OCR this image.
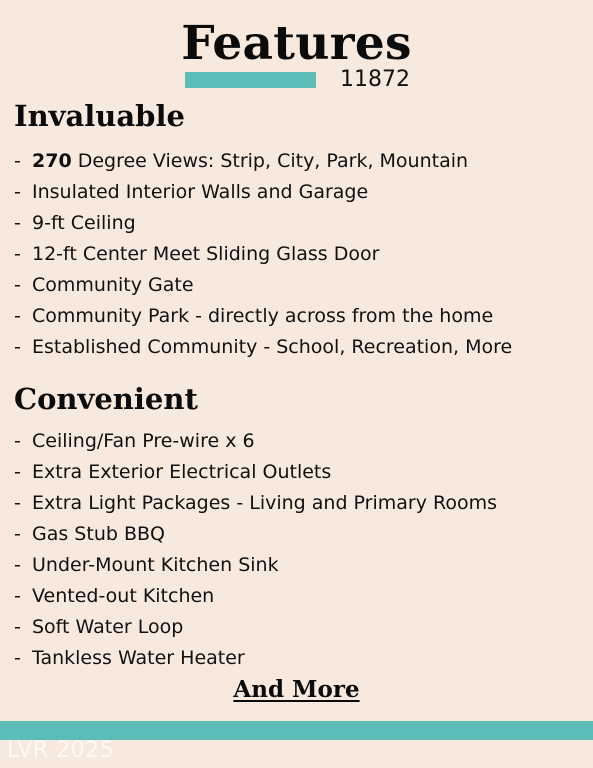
Features
11872
Invaluable
- 270 Degree Views: Strip, City, Park, Mountain
- Insulated Interior Walls and Garage
- 9-ft Ceiling
- 12-ft Center Meet Sliding Glass Door
- Community Gate
- Community Park - directly across from the home
- Established Community - School, Recreation, More
Convenient
- Ceiling/Fan Pre-wire x 6
- Extra Exterior Electrical Outlets
- Extra Light Packages - Living and Primary Rooms
- Gas Stub BBQ
- Under-Mount Kitchen Sink
- Vented-out Kitchen
- Soft Water Loop
- Tankless Water Heater
And More
LVR 2025
